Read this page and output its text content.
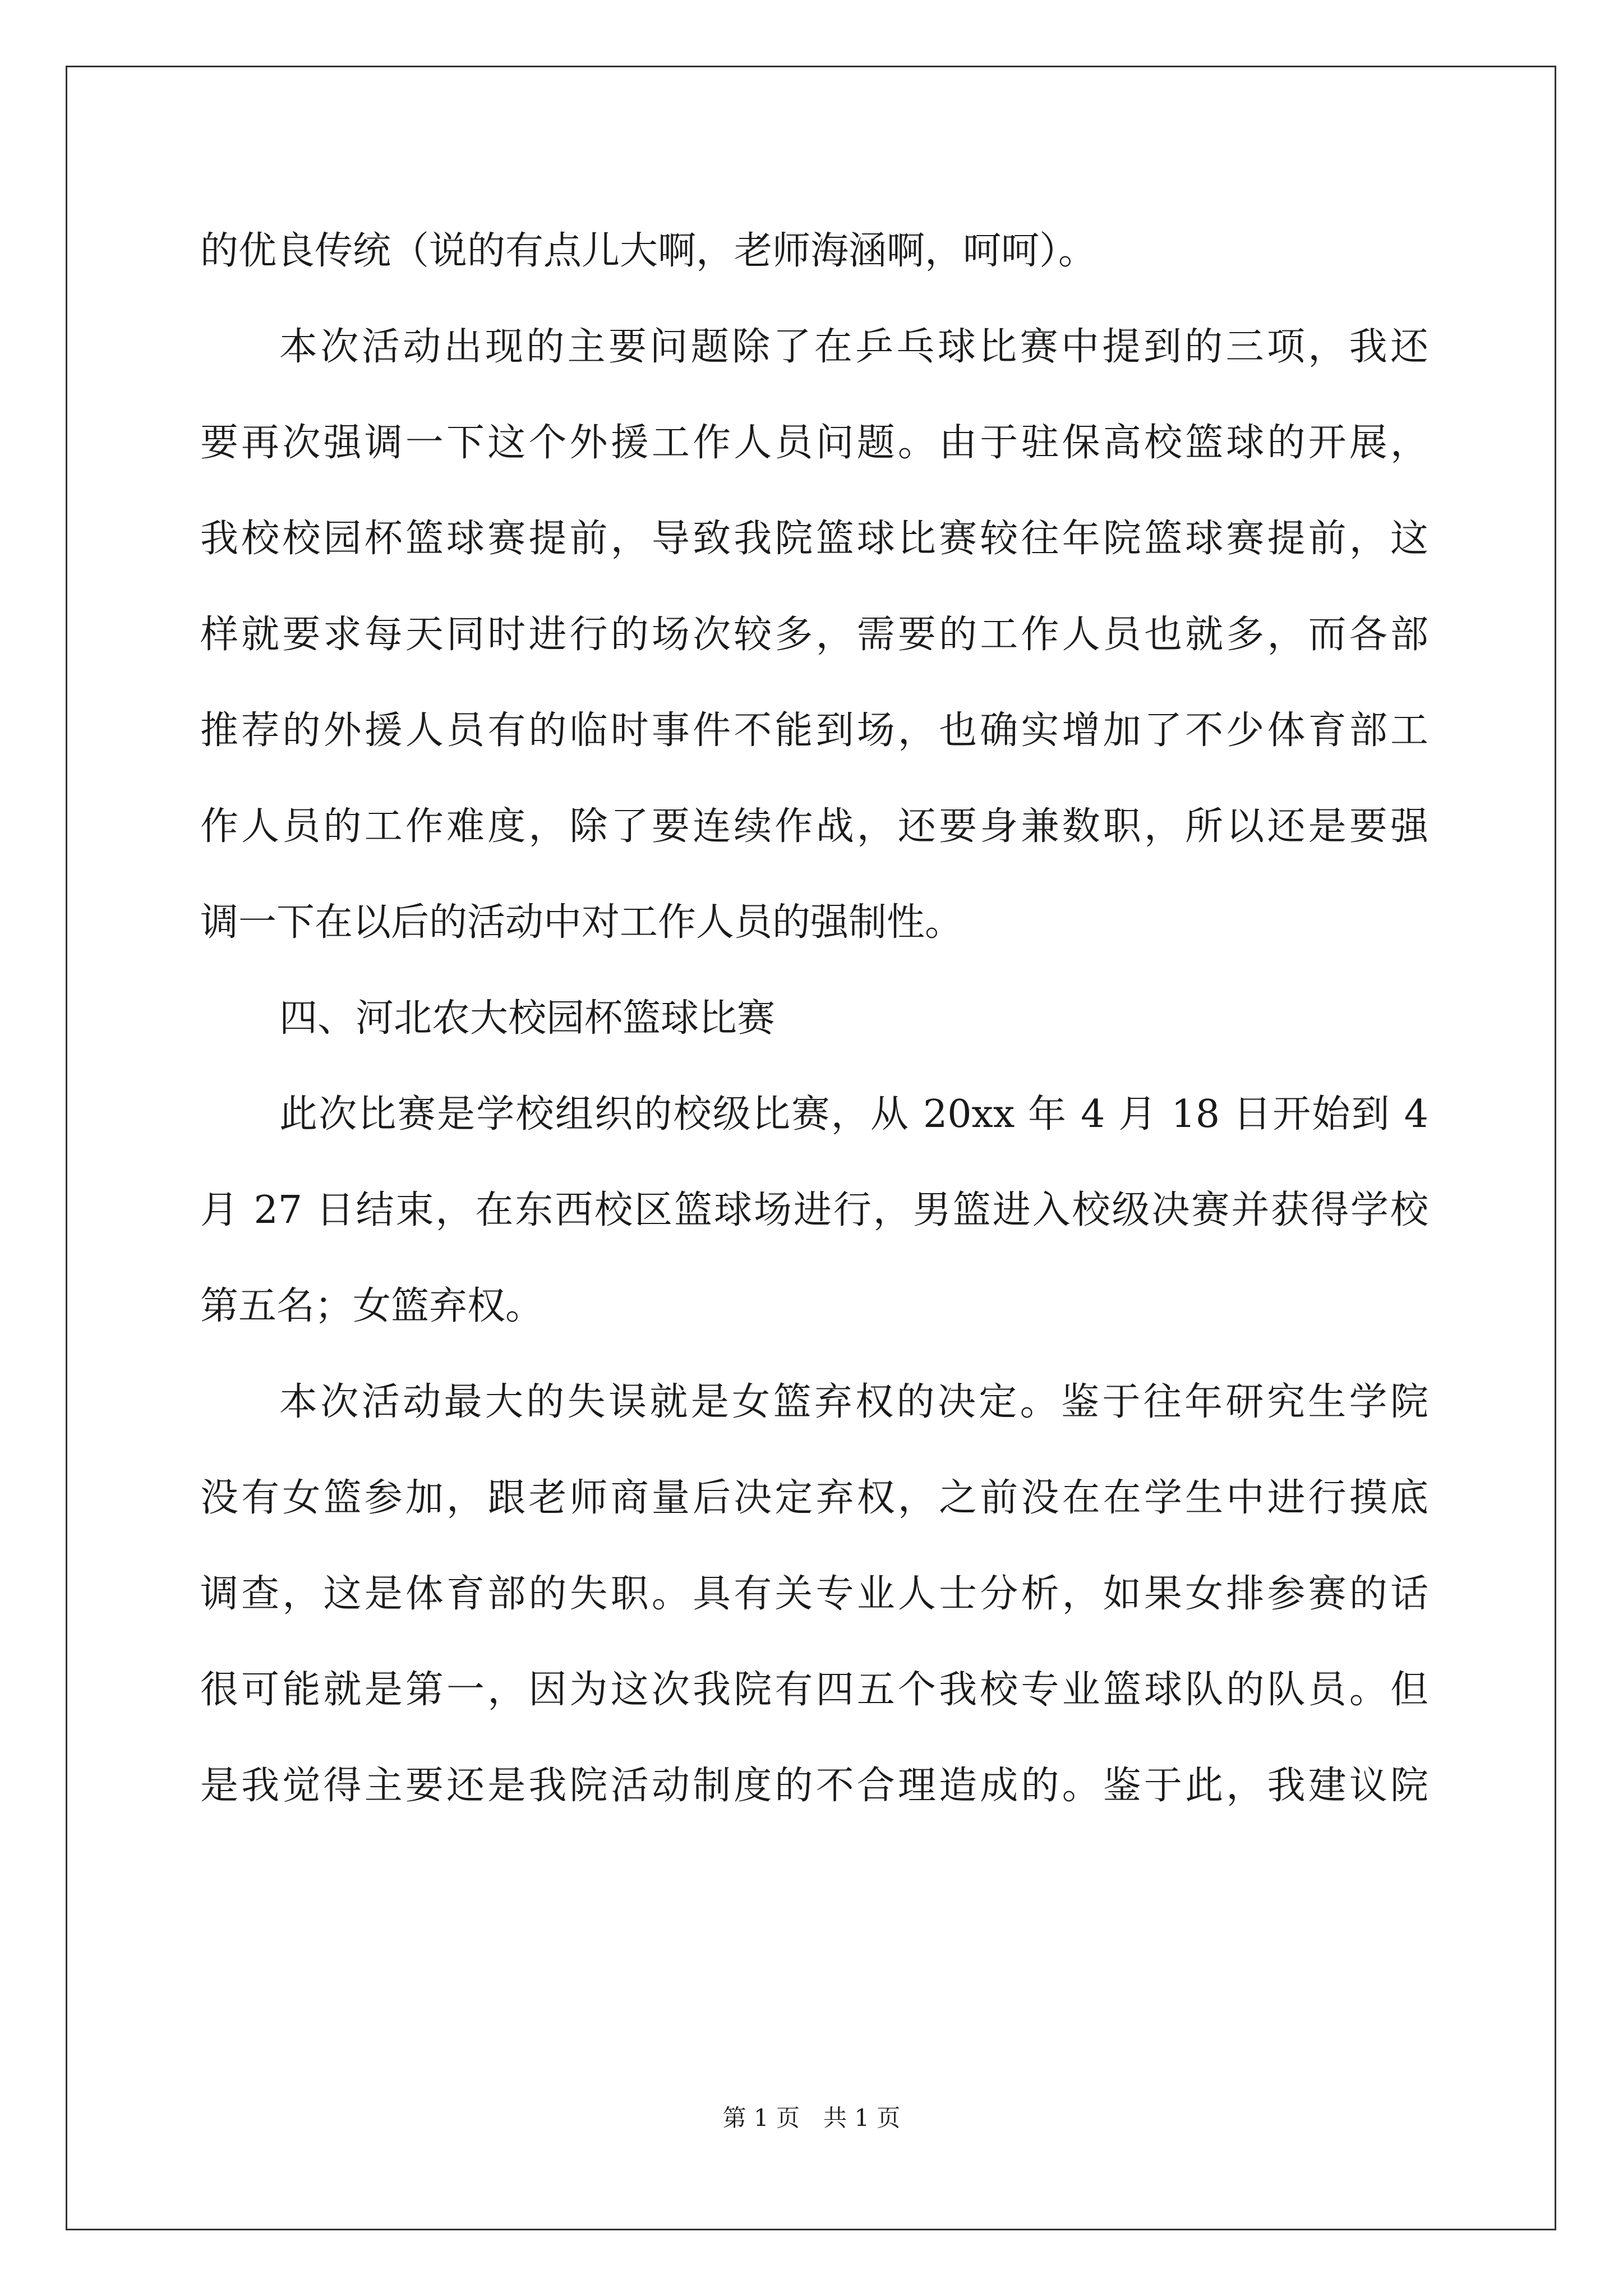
的优良传统（说的有点儿大啊，老师海涵啊，呵呵）。

本次活动出现的主要问题除了在乒乓球比赛中提到的三项，我还

要再次强调一下这个外援工作人员问题。由于驻保高校篮球的开展，

我校校园杯篮球赛提前，导致我院篮球比赛较往年院篮球赛提前，这

样就要求每天同时进行的场次较多，需要的工作人员也就多，而各部

推荐的外援人员有的临时事件不能到场，也确实增加了不少体育部工

作人员的工作难度，除了要连续作战，还要身兼数职，所以还是要强

调一下在以后的活动中对工作人员的强制性。

四、河北农大校园杯篮球比赛

此次比赛是学校组织的校级比赛，从 20xx 年 4 月 18 日开始到 4

月 27 日结束，在东西校区篮球场进行，男篮进入校级决赛并获得学校

第五名；女篮弃权。

本次活动最大的失误就是女篮弃权的决定。鉴于往年研究生学院

没有女篮参加，跟老师商量后决定弃权，之前没在在学生中进行摸底

调查，这是体育部的失职。具有关专业人士分析，如果女排参赛的话

很可能就是第一，因为这次我院有四五个我校专业篮球队的队员。但

是我觉得主要还是我院活动制度的不合理造成的。鉴于此，我建议院

第 1 页　共 1 页
